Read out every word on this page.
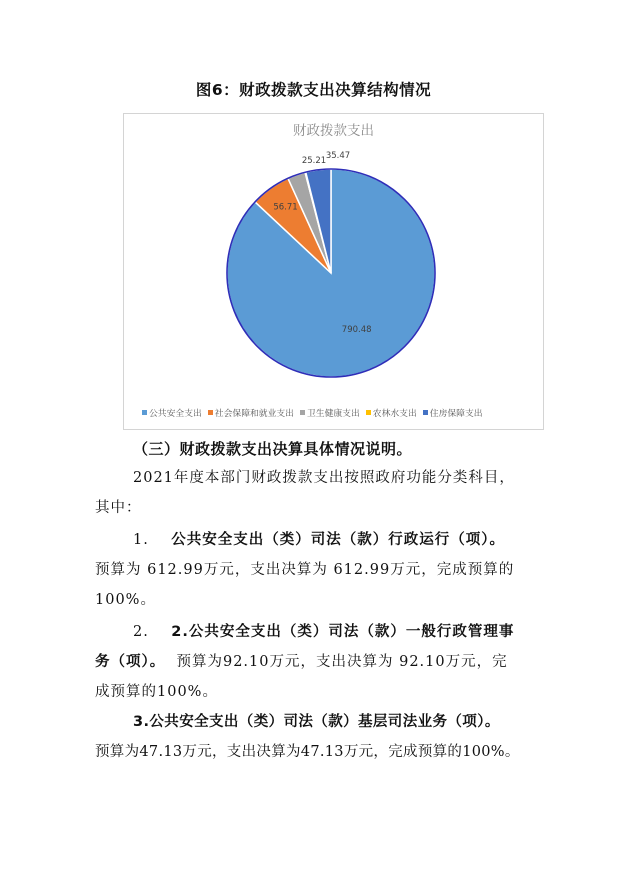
图6：财政拨款支出决算结构情况
财政拨款支出
790.48
56.71
25.21 35.47
公共安全支出 社会保障和就业支出 卫生健康支出 农林水支出 住房保障支出
（三）财政拨款支出决算具体情况说明。
2021年度本部门财政拨款支出按照政府功能分类科目，
其中：
1. 公共安全支出（类）司法（款）行政运行（项）。
预算为 612.99万元，支出决算为 612.99万元，完成预算的
100%。
2. 2.公共安全支出（类）司法（款）一般行政管理事
务（项）。 预算为92.10万元，支出决算为 92.10万元，完
成预算的100%。
3.公共安全支出（类）司法（款）基层司法业务（项）。
预算为47.13万元，支出决算为47.13万元，完成预算的100%。
